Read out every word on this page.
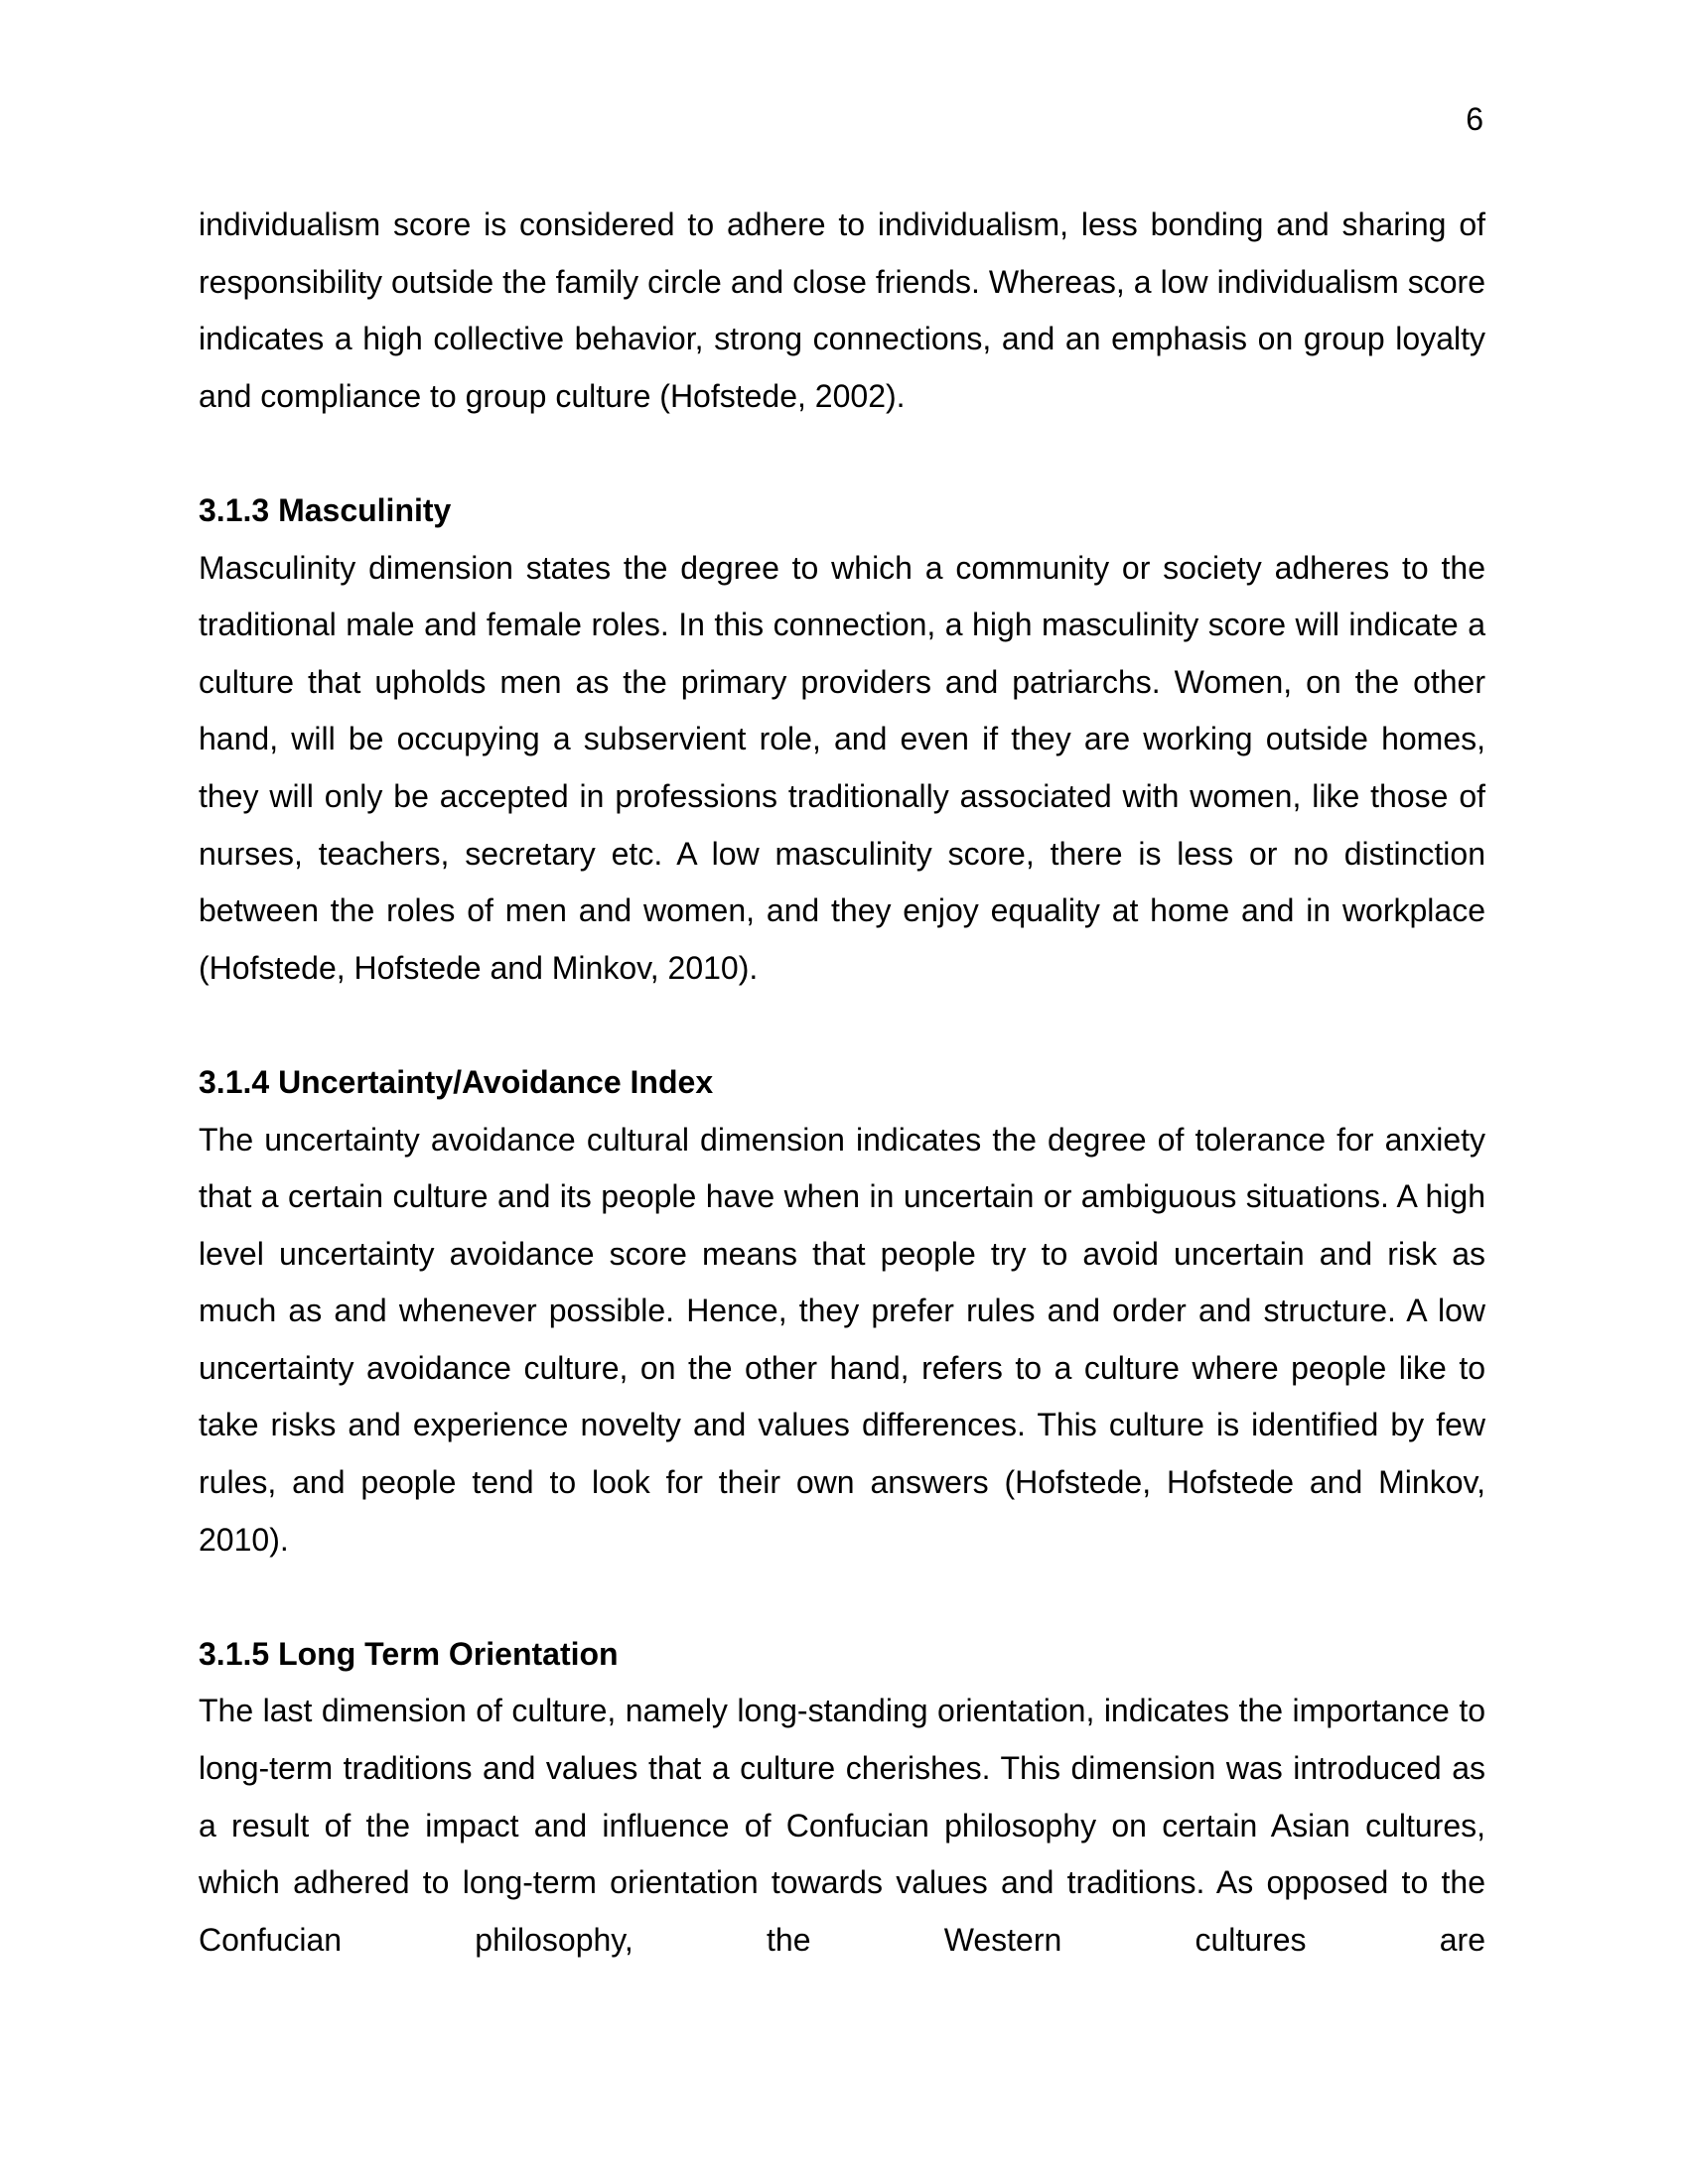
6

individualism score is considered to adhere to individualism, less bonding and sharing of responsibility outside the family circle and close friends. Whereas, a low individualism score indicates a high collective behavior, strong connections, and an emphasis on group loyalty and compliance to group culture (Hofstede, 2002).

3.1.3 Masculinity

Masculinity dimension states the degree to which a community or society adheres to the traditional male and female roles. In this connection, a high masculinity score will indicate a culture that upholds men as the primary providers and patriarchs. Women, on the other hand, will be occupying a subservient role, and even if they are working outside homes, they will only be accepted in professions traditionally associated with women, like those of nurses, teachers, secretary etc. A low masculinity score, there is less or no distinction between the roles of men and women, and they enjoy equality at home and in workplace (Hofstede, Hofstede and Minkov, 2010).

3.1.4 Uncertainty/Avoidance Index

The uncertainty avoidance cultural dimension indicates the degree of tolerance for anxiety that a certain culture and its people have when in uncertain or ambiguous situations. A high level uncertainty avoidance score means that people try to avoid uncertain and risk as much as and whenever possible. Hence, they prefer rules and order and structure. A low uncertainty avoidance culture, on the other hand, refers to a culture where people like to take risks and experience novelty and values differences. This culture is identified by few rules, and people tend to look for their own answers (Hofstede, Hofstede and Minkov, 2010).

3.1.5 Long Term Orientation

The last dimension of culture, namely long-standing orientation, indicates the importance to long-term traditions and values that a culture cherishes. This dimension was introduced as a result of the impact and influence of Confucian philosophy on certain Asian cultures, which adhered to long-term orientation towards values and traditions. As opposed to the Confucian philosophy, the Western cultures are
